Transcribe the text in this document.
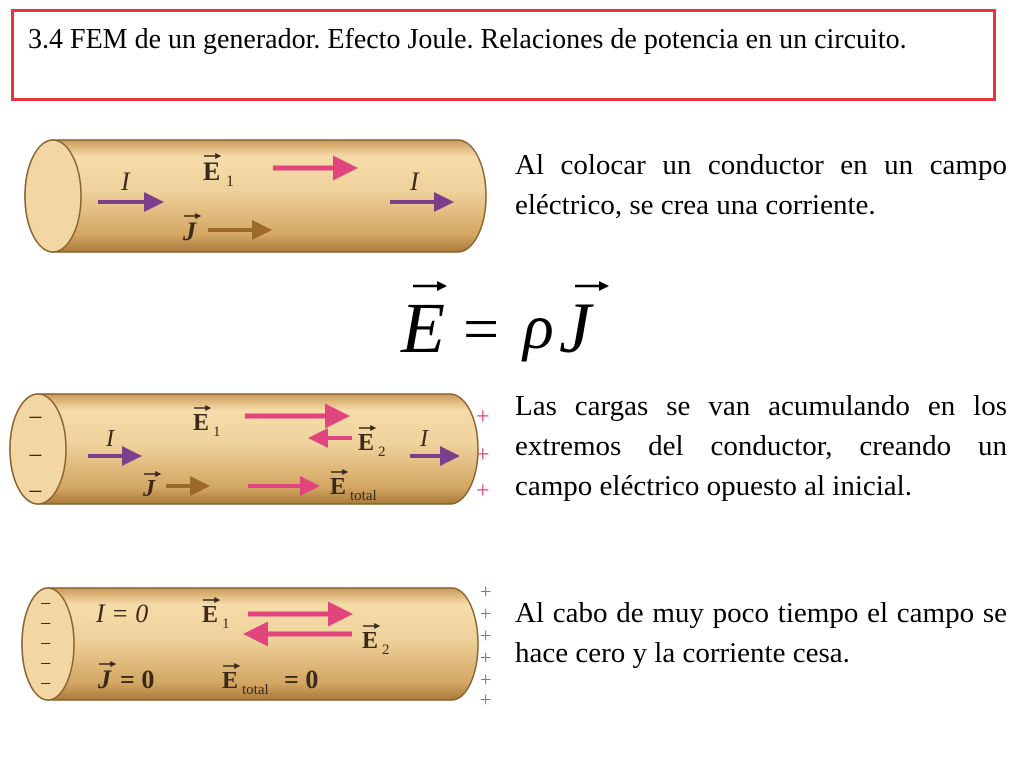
3.4 FEM de un generador. Efecto Joule. Relaciones de potencia en un circuito.
E 1
I	I
J
Al colocar un conductor en un campo eléctrico, se crea una corriente.
E = ρ J
−
−
−
+
+
+
E 1	E 2
I	I
J	E total
Las cargas se van acumulando en los extremos del conductor, creando un campo eléctrico opuesto al inicial.
−
−
−
−
−
+
+
+
+
+
+
I = 0
J = 0
E 1
E 2
E total = 0
Al cabo de muy poco tiempo el campo se hace cero y la corriente cesa.
